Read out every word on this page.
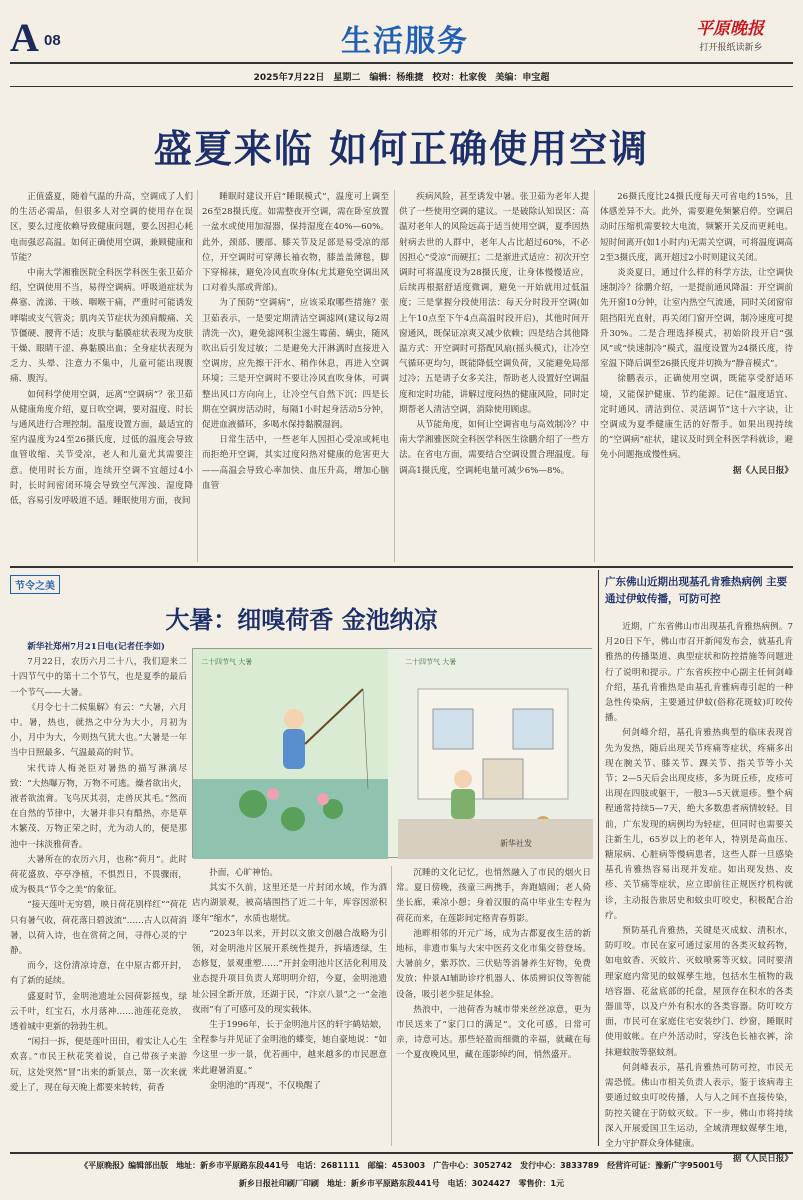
A 08	生活服务	平原晚报
打开报纸读新乡
2025年7月22日　星期二　编辑：杨维捷　校对：杜家俊　美编：申宝超
盛夏来临 如何正确使用空调

正值盛夏，随着气温的升高，空调成了人们的生活必需品，但很多人对空调的使用存在误区，要么过度依赖导致健康问题，要么因担心耗电而强忍高温。如何正确使用空调，兼顾健康和节能？

中南大学湘雅医院全科医学科医生张卫茹介绍，空调使用不当，易得空调病。呼吸道症状为鼻塞、流涕、干咳、咽喉干痛，严重时可能诱发哮喘或支气管炎；肌肉关节症状为颈肩酸痛、关节僵硬、腰背不适；皮肤与黏膜症状表现为皮肤干燥、眼睛干涩、鼻黏膜出血；全身症状表现为乏力、头晕、注意力不集中，儿童可能出现腹痛、腹泻。

如何科学使用空调，远离“空调病”？张卫茹从健康角度介绍，夏日吹空调，要对温度、时长与通风进行合理控制。温度设置方面，最适宜的室内温度为24至26摄氏度，过低的温度会导致血管收缩、关节受凉，老人和儿童尤其需要注意。使用时长方面，连续开空调不宜超过4小时，长时间密闭环境会导致空气浑浊、湿度降低，容易引发呼吸道不适。睡眠使用方面，夜间

睡眠时建议开启“睡眠模式”，温度可上调至26至28摄氏度。如需整夜开空调，需在卧室放置一盆水或使用加湿器，保持湿度在40%—60%。此外，颈部、腰部、膝关节及足部是易受凉的部位，开空调时可穿薄长袖衣物，膝盖盖薄毯，脚下穿棉袜，避免冷风直吹身体(尤其避免空调出风口对着头部或背部)。

为了预防“空调病”，应该采取哪些措施？张卫茹表示，一是要定期清洁空调滤网(建议每2周清洗一次)，避免滤网积尘滋生霉菌、螨虫，随风吹出后引发过敏；二是避免大汗淋漓时直接进入空调房，应先擦干汗水、稍作休息，再进入空调环境；三是开空调时不要让冷风直吹身体，可调整出风口方向向上，让冷空气自然下沉；四是长期在空调房活动时，每隔1小时起身活动5分钟，促进血液循环，多喝水保持黏膜湿润。

日常生活中，一些老年人因担心受凉或耗电而拒绝开空调，其实过度闷热对健康的危害更大——高温会导致心率加快、血压升高，增加心脑血管

疾病风险，甚至诱发中暑。张卫茹为老年人提供了一些使用空调的建议。一是破除认知误区：高温对老年人的风险远高于适当使用空调，夏季因热射病去世的人群中，老年人占比超过60%，不必因担心“受凉”而硬扛；二是渐进式适应：初次开空调时可将温度设为28摄氏度，让身体慢慢适应，后续再根据舒适度微调，避免一开始就用过低温度；三是掌握分段使用法：每天分时段开空调(如上午10点至下午4点高温时段开启)，其他时间开窗通风，既保证凉爽又减少依赖；四是结合其他降温方式：开空调时可搭配风扇(摇头模式)，让冷空气循环更均匀，既能降低空调负荷，又能避免局部过冷；五是请子女多关注，帮助老人设置好空调温度和定时功能，讲解过度闷热的健康风险，同时定期帮老人清洁空调，消除使用顾虑。

从节能角度，如何让空调省电与高效制冷？中南大学湘雅医院全科医学科医生徐鹏介绍了一些方法。在省电方面，需要结合空调设置合理温度。每调高1摄氏度，空调耗电量可减少6%—8%。

26摄氏度比24摄氏度每天可省电约15%，且体感差异不大。此外，需要避免频繁启停。空调启动时压缩机需要较大电流，频繁开关反而更耗电。短时间离开(如1小时内)无需关空调，可将温度调高2至3摄氏度，离开超过2小时则建议关闭。

炎炎夏日，通过什么样的科学方法，让空调快速制冷？徐鹏介绍，一是提前通风降温：开空调前先开窗10分钟，让室内热空气流通，同时关闭窗帘阻挡阳光直射，再关闭门窗开空调，制冷速度可提升30%。二是合理选择模式，初始阶段开启“强风”或“快速制冷”模式，温度设置为24摄氏度，待室温下降后调至26摄氏度并切换为“静音模式”。

徐鹏表示，正确使用空调，既能享受舒适环境，又能保护健康、节约能源。记住“温度适宜、定时通风、清洁到位、灵活调节”这十六字诀，让空调成为夏季健康生活的好帮手。如果出现持续的“空调病”症状，建议及时到全科医学科就诊，避免小问题拖成慢性病。

据《人民日报》

节令之美
大暑：细嗅荷香 金池纳凉

新华社郑州7月21日电(记者任李如)

7月22日，农历六月二十八，我们迎来二十四节气中的第十二个节气，也是夏季的最后一个节气——大暑。

《月令七十二候集解》有云：“大暑，六月中。暑，热也，就热之中分为大小，月初为小，月中为大，今则热气犹大也。”大暑是一年当中日照最多、气温最高的时节。

宋代诗人梅尧臣对暑热的描写淋漓尽致：“大热曝万物，万物不可逃。燥者欲出火，液者欲流膏。飞鸟厌其羽，走兽厌其毛。”然而在自然的节律中，大暑并非只有酷热，亦是草木繁茂、万物正荣之时，尤为动人的，便是那池中一抹淡雅荷香。

大暑所在的农历六月，也称“荷月”。此时荷花盛放、亭亭净植，不惧烈日，不畏骤雨，成为极具“节令之美”的象征。

“接天莲叶无穷碧，映日荷花别样红”“荷花只有暑气收，荷花落日碧波流”……古人以荷消暑，以荷入诗，也在赏荷之间，寻得心灵的宁静。

而今，这份清凉诗意，在中原古都开封，有了新的延续。

盛夏时节，金明池遗址公园荷影摇曳，绿云千叶，红宝石，水月落神……池莲花竞放，透着城中更新的勃勃生机。

“闲扫一拆，便是莲叶田田，着实让人心生欢喜。”市民王秋花笑着说，自己带孩子来游玩，这处突然“冒”出来的新景点，第一次来就爱上了，现在每天晚上都要来转转，荷香

二十四节气 大暑	二十四节气 大暑
新华社发

扑面，心旷神怡。

其实不久前，这里还是一片封闭水域，作为酒店内湖景观，被高墙围挡了近二十年，库容因淤积逐年“缩水”，水质也堪忧。

“2023年以来，开封以文旅文创融合战略为引领，对金明池片区展开系统性提升，拆墙透绿，生态修复，景观重塑……”开封金明池片区活化利用及业态提升项目负责人郑明明介绍，今夏，金明池遗址公园全新开放，还湖于民，“汴京八景”之一“金池夜雨”有了可感可及的现实载体。

生于1996年，长于金明池片区的轩宇鹤姑娘，全程参与并见证了金明池的蝶变，她自豪地说：“如今这里一步一景，优若画中，越来越多的市民愿意来此避暑消夏。”

金明池的“再现”，不仅唤醒了

沉睡的文化记忆，也悄然融入了市民的烟火日常。夏日傍晚，孩童三两携手，奔跑嬉闹；老人倚坐长廊，乘凉小憩；身着汉服的高中毕业生专程为荷花而来，在莲影间定格青春剪影。

池畔相邻的开元广场，成为古都夏夜生活的新地标，非遗市集与大宋中医药文化市集交替登场。大暑前夕，紫苏饮、三伏贴等消暑养生好物，免费发放；仲景AI辅助诊疗机器人、体质辨识仪等智能设备，吸引老少驻足体验。

热浪中，一池荷香为城市带来丝丝凉意，更为市民送来了“家门口的满足”。文化可感，日常可亲，诗意可达。那些轻盈而细微的幸福，就藏在每一个夏夜晚风里，藏在莲影绰约间，悄然盛开。

广东佛山近期出现基孔肯雅热病例 主要通过伊蚊传播，可防可控

近期，广东省佛山市出现基孔肯雅热病例。7月20日下午，佛山市召开新闻发布会，就基孔肯雅热的传播渠道、典型症状和防控措施等问题进行了说明和提示。广东省疾控中心副主任何剑峰介绍，基孔肯雅热是由基孔肯雅病毒引起的一种急性传染病，主要通过伊蚊(俗称花斑蚊)叮咬传播。

何剑峰介绍，基孔肯雅热典型的临床表现首先为发热，随后出现关节疼痛等症状，疼痛多出现在腕关节、膝关节、踝关节、指关节等小关节；2—5天后会出现皮疹，多为斑丘疹，皮疹可出现在四肢或躯干，一般3—5天就退疹。整个病程通常持续5—7天，绝大多数患者病情较轻。目前，广东发现的病例均为轻症，但同时也需要关注新生儿，65岁以上的老年人，特别是高血压、糖尿病、心脏病等慢病患者，这些人群一旦感染基孔肯雅热容易出现并发症。如出现发热、皮疹、关节痛等症状，应立即前往正规医疗机构就诊，主动报告旅居史和蚊虫叮咬史，积极配合治疗。

预防基孔肯雅热，关键是灭成蚊、清积水，防叮咬。市民在家可通过家用的各类灭蚊药物，如电蚊香、灭蚊片、灭蚊喷雾等灭蚊。同时要清理家庭内常见的蚊媒孳生地，包括水生植物的栽培容器、花盆底部的托盘，屋顶存在积水的各类器皿等，以及户外有积水的各类容器。防叮咬方面，市民可在家庭住宅安装纱门、纱窗，睡眠时使用蚊帐。在户外活动时，穿浅色长袖衣裤，涂抹避蚊胺等驱蚊剂。

何剑峰表示，基孔肯雅热可防可控，市民无需恐慌。佛山市相关负责人表示，鉴于该病毒主要通过蚊虫叮咬传播，人与人之间不直接传染，防控关键在于防蚊灭蚊。下一步，佛山市将持续深入开展爱国卫生运动，全域清理蚊媒孳生地，全力守护群众身体健康。

据《人民日报》

《平原晚报》编辑部出版　地址：新乡市平原路东段441号　电话：2681111　邮编：453003　广告中心：3052742　发行中心：3833789　经营许可证：豫新广字95001号
新乡日报社印刷厂印刷　地址：新乡市平原路东段441号　电话：3024427　零售价：1元
